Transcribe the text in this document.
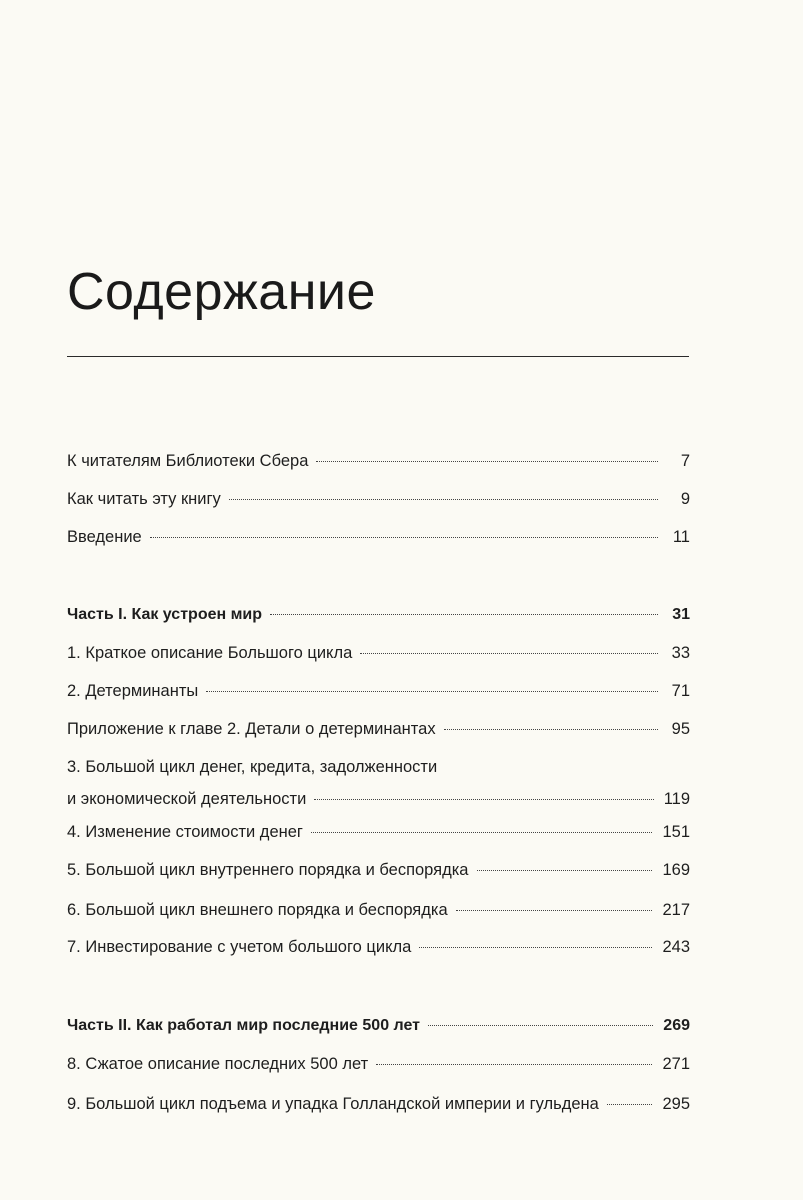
Содержание
К читателям Библиотеки Сбера	7
Как читать эту книгу	9
Введение	11
Часть I. Как устроен мир	31
1. Краткое описание Большого цикла	33
2. Детерминанты	71
Приложение к главе 2. Детали о детерминантах	95
3. Большой цикл денег, кредита, задолженности
и экономической деятельности	119
4. Изменение стоимости денег	151
5. Большой цикл внутреннего порядка и беспорядка	169
6. Большой цикл внешнего порядка и беспорядка	217
7. Инвестирование с учетом большого цикла	243
Часть II. Как работал мир последние 500 лет	269
8. Сжатое описание последних 500 лет	271
9. Большой цикл подъема и упадка Голландской империи и гульдена	295
